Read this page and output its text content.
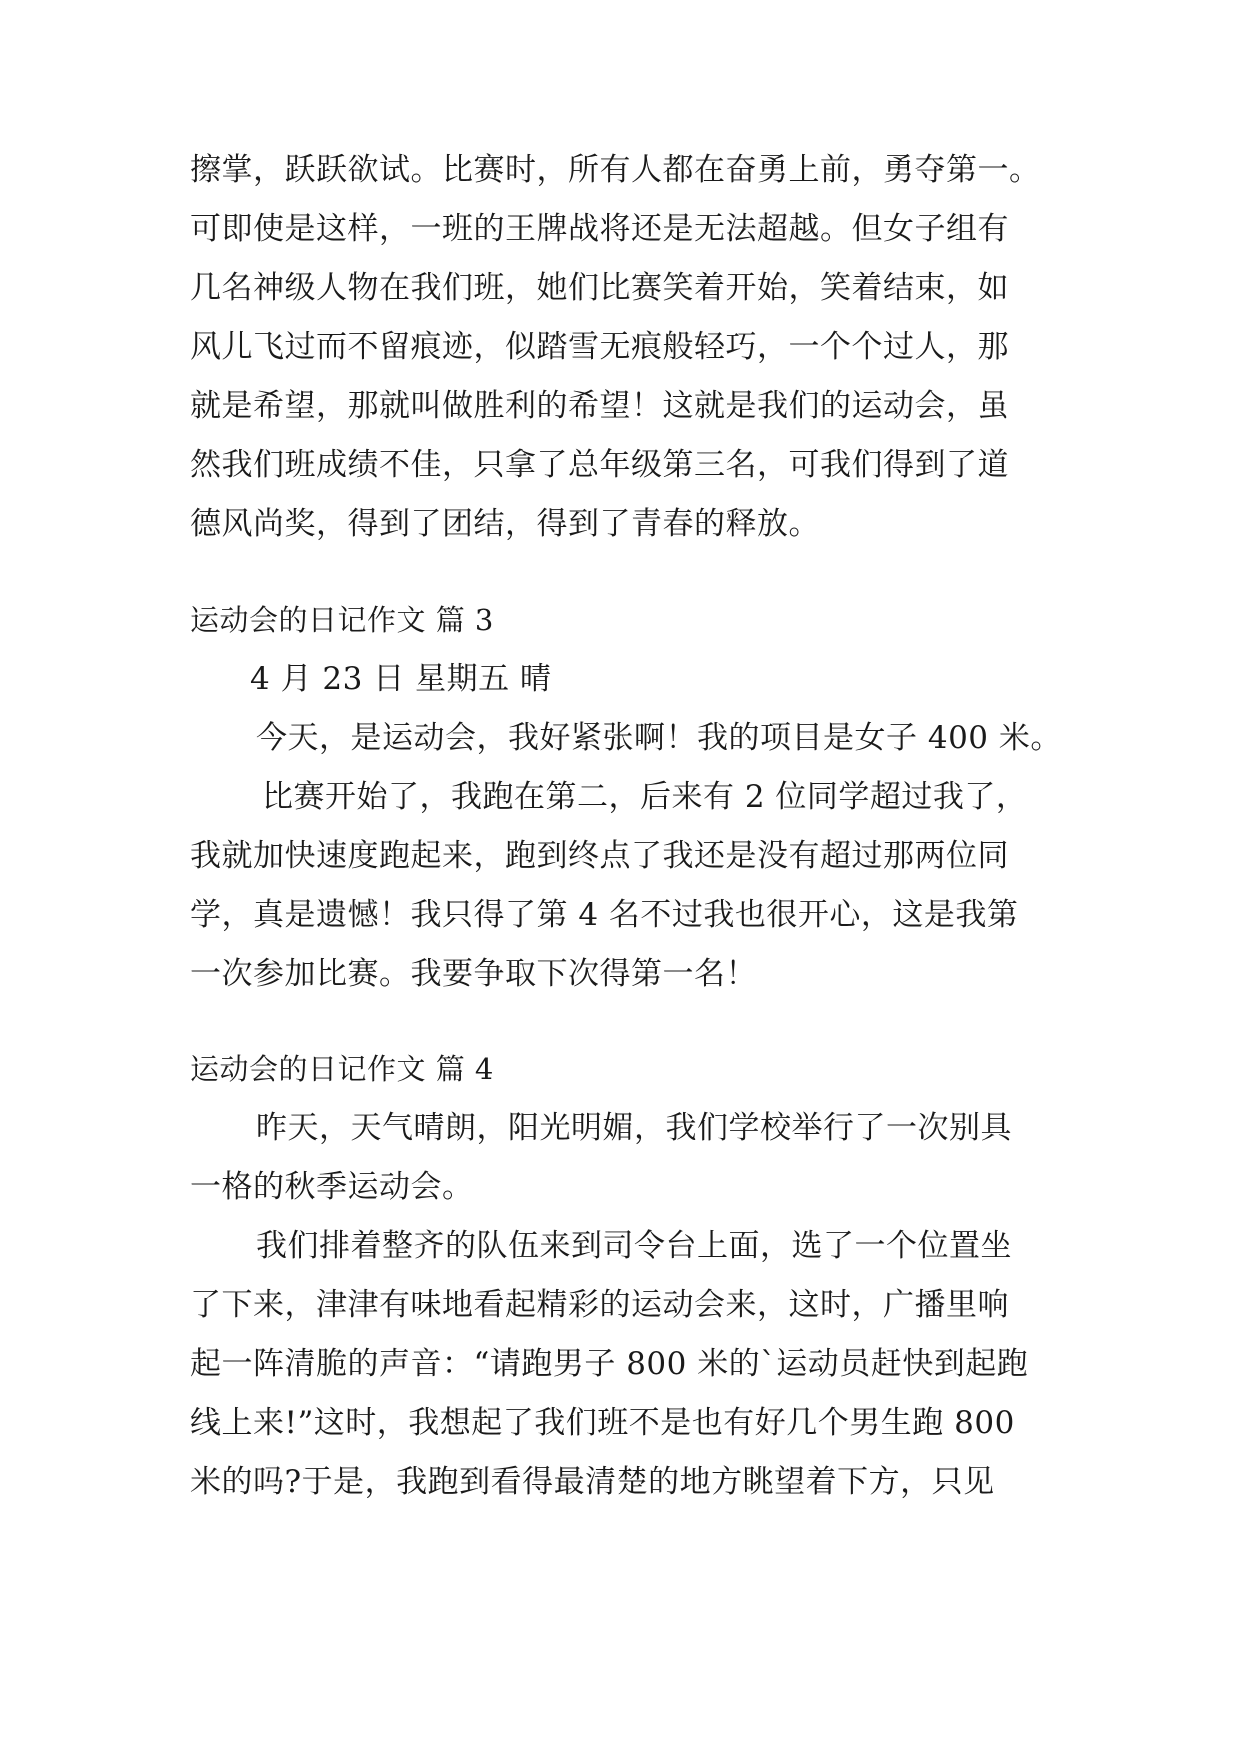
擦掌，跃跃欲试。比赛时，所有人都在奋勇上前，勇夺第一。
可即使是这样，一班的王牌战将还是无法超越。但女子组有
几名神级人物在我们班，她们比赛笑着开始，笑着结束，如
风儿飞过而不留痕迹，似踏雪无痕般轻巧，一个个过人，那
就是希望，那就叫做胜利的希望！这就是我们的运动会，虽
然我们班成绩不佳，只拿了总年级第三名，可我们得到了道
德风尚奖，得到了团结，得到了青春的释放。
运动会的日记作文 篇 3
4 月 23 日 星期五 晴
今天，是运动会，我好紧张啊！我的项目是女子 400 米。
比赛开始了，我跑在第二，后来有 2 位同学超过我了，
我就加快速度跑起来，跑到终点了我还是没有超过那两位同
学，真是遗憾！我只得了第 4 名不过我也很开心，这是我第
一次参加比赛。我要争取下次得第一名！
运动会的日记作文 篇 4
昨天，天气晴朗，阳光明媚，我们学校举行了一次别具
一格的秋季运动会。
我们排着整齐的队伍来到司令台上面，选了一个位置坐
了下来，津津有味地看起精彩的运动会来，这时，广播里响
起一阵清脆的声音：“请跑男子 800 米的`运动员赶快到起跑
线上来!”这时，我想起了我们班不是也有好几个男生跑 800
米的吗?于是，我跑到看得最清楚的地方眺望着下方，只见
